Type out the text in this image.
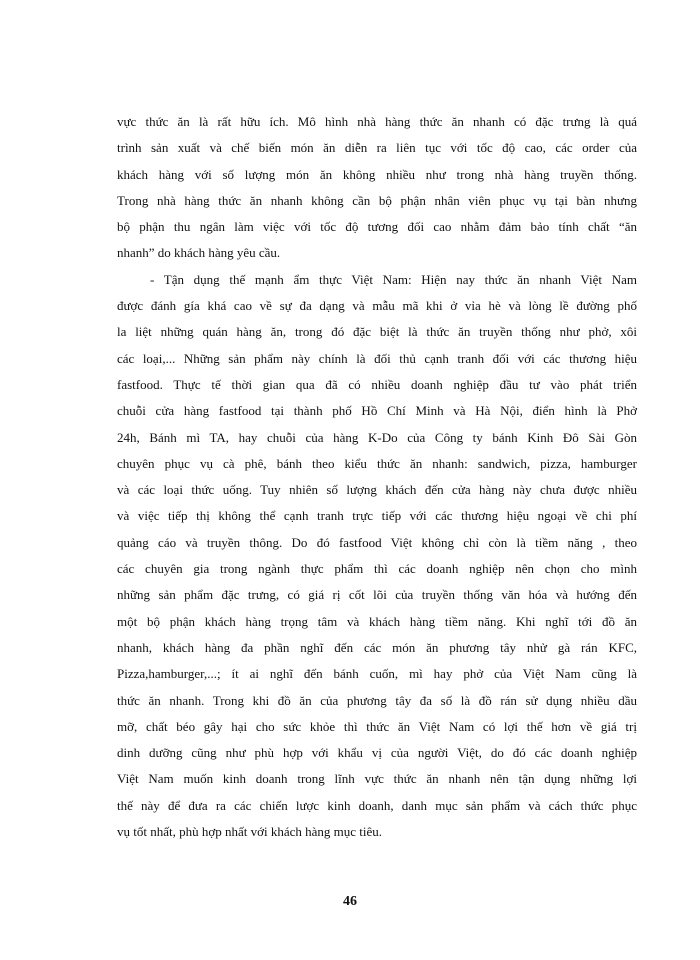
vực thức ăn là rất hữu ích. Mô hình nhà hàng thức ăn nhanh có đặc trưng là quá
trình sản xuất và chế biến món ăn diễn ra liên tục với tốc độ cao, các order của
khách hàng với số lượng món ăn không nhiều như trong nhà hàng truyền thống.
Trong nhà hàng thức ăn nhanh không cần bộ phận nhân viên phục vụ tại bàn nhưng
bộ phận thu ngân làm việc với tốc độ tương đối cao nhằm đảm bảo tính chất “ăn
nhanh” do khách hàng yêu cầu.
- Tận dụng thế mạnh ẩm thực Việt Nam: Hiện nay thức ăn nhanh Việt Nam
được đánh gía khá cao về sự đa dạng và mẫu mã khi ở vỉa hè và lòng lề đường phố
la liệt những quán hàng ăn, trong đó đặc biệt là thức ăn truyền thống như phở, xôi
các loại,... Những sản phẩm này chính là đối thủ cạnh tranh đối với các thương hiệu
fastfood. Thực tế thời gian qua đã có nhiều doanh nghiệp đầu tư vào phát triển
chuỗi cửa hàng fastfood tại thành phố Hồ Chí Minh và Hà Nội, điển hình là Phở
24h, Bánh mì TA, hay chuỗi của hàng K-Do của Công ty bánh Kinh Đô Sài Gòn
chuyên phục vụ cà phê, bánh theo kiểu thức ăn nhanh: sandwich, pizza, hamburger
và các loại thức uống. Tuy nhiên số lượng khách đến cửa hàng này chưa được nhiều
và việc tiếp thị không thể cạnh tranh trực tiếp với các thương hiệu ngoại về chi phí
quảng cáo và truyền thông. Do đó fastfood Việt không chỉ còn là tiềm năng , theo
các chuyên gia trong ngành thực phẩm thì các doanh nghiệp nên chọn cho mình
những sản phẩm đặc trưng, có giá rị cốt lõi của truyền thống văn hóa và hướng đến
một bộ phận khách hàng trọng tâm và khách hàng tiềm năng. Khi nghĩ tới đồ ăn
nhanh, khách hàng đa phần nghĩ đến các món ăn phương tây nhử gà rán KFC,
Pizza,hamburger,...; ít ai nghĩ đến bánh cuốn, mì hay phở của Việt Nam cũng là
thức ăn nhanh. Trong khi đồ ăn của phương tây đa số là đồ rán sử dụng nhiều dầu
mỡ, chất béo gây hại cho sức khỏe thì thức ăn Việt Nam có lợi thế hơn về giá trị
dinh dưỡng cũng như phù hợp với khẩu vị của người Việt, do đó các doanh nghiệp
Việt Nam muốn kinh doanh trong lĩnh vực thức ăn nhanh nên tận dụng những lợi
thế này để đưa ra các chiến lược kinh doanh, danh mục sản phẩm và cách thức phục
vụ tốt nhất, phù hợp nhất với khách hàng mục tiêu.
46
